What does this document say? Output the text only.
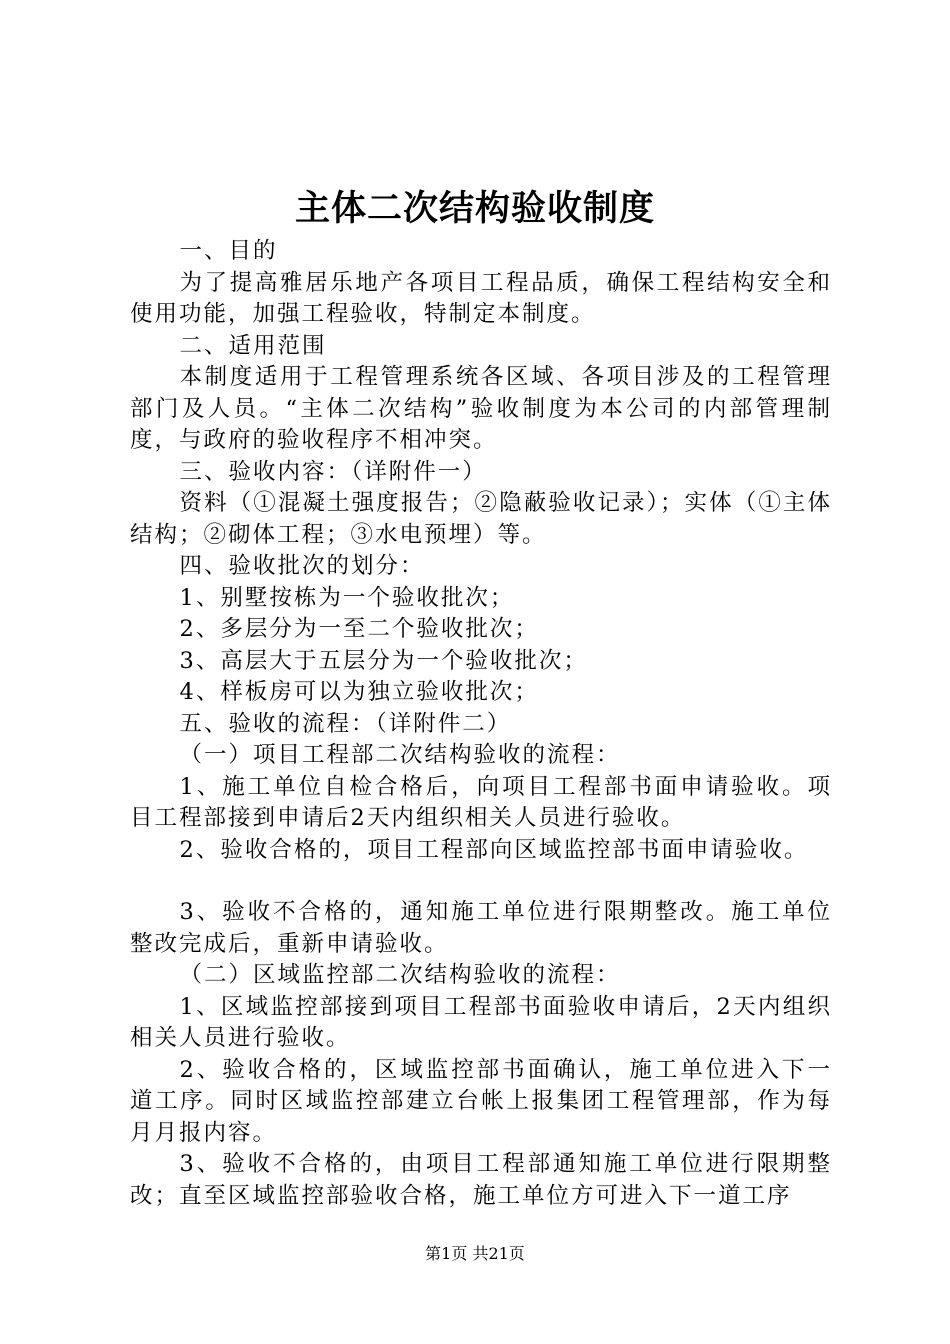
主体二次结构验收制度

一、目的

为了提高雅居乐地产各项目工程品质，确保工程结构安全和使用功能，加强工程验收，特制定本制度。

二、适用范围

本制度适用于工程管理系统各区域、各项目涉及的工程管理部门及人员。“主体二次结构”验收制度为本公司的内部管理制度，与政府的验收程序不相冲突。

三、验收内容：（详附件一）

资料（①混凝土强度报告；②隐蔽验收记录）；实体（①主体结构；②砌体工程；③水电预埋）等。

四、验收批次的划分：

1、别墅按栋为一个验收批次；

2、多层分为一至二个验收批次；

3、高层大于五层分为一个验收批次；

4、样板房可以为独立验收批次；

五、验收的流程：（详附件二）

（一）项目工程部二次结构验收的流程：

1、施工单位自检合格后，向项目工程部书面申请验收。项目工程部接到申请后2天内组织相关人员进行验收。

2、验收合格的，项目工程部向区域监控部书面申请验收。

3、验收不合格的，通知施工单位进行限期整改。施工单位整改完成后，重新申请验收。

（二）区域监控部二次结构验收的流程：

1、区域监控部接到项目工程部书面验收申请后，2天内组织相关人员进行验收。

2、验收合格的，区域监控部书面确认，施工单位进入下一道工序。同时区域监控部建立台帐上报集团工程管理部，作为每月月报内容。

3、验收不合格的，由项目工程部通知施工单位进行限期整改；直至区域监控部验收合格，施工单位方可进入下一道工序

第1页 共21页
